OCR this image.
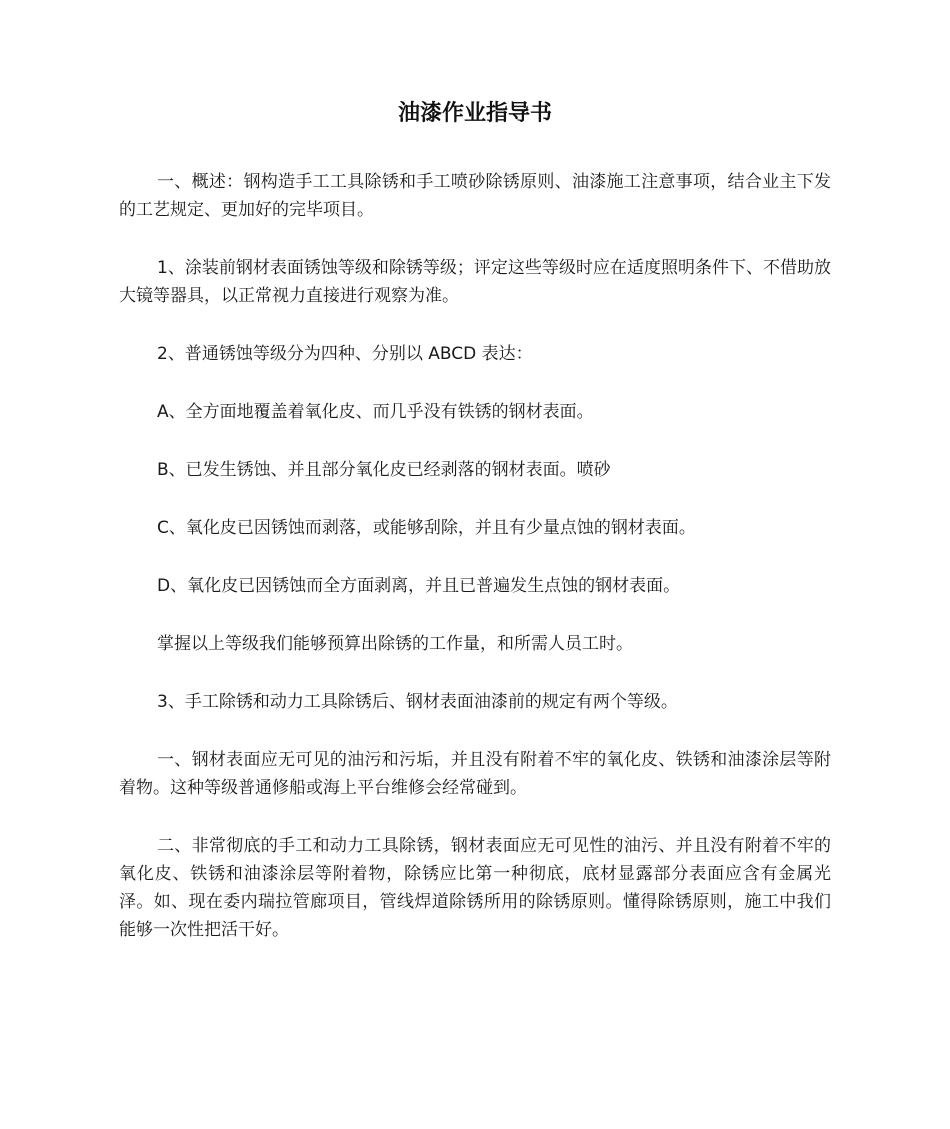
油漆作业指导书

一、概述：钢构造手工工具除锈和手工喷砂除锈原则、油漆施工注意事项，结合业主下发的工艺规定、更加好的完毕项目。

1、涂装前钢材表面锈蚀等级和除锈等级；评定这些等级时应在适度照明条件下、不借助放大镜等器具，以正常视力直接进行观察为准。

2、普通锈蚀等级分为四种、分别以 ABCD 表达：

A、全方面地覆盖着氧化皮、而几乎没有铁锈的钢材表面。

B、已发生锈蚀、并且部分氧化皮已经剥落的钢材表面。喷砂

C、氧化皮已因锈蚀而剥落，或能够刮除，并且有少量点蚀的钢材表面。

D、氧化皮已因锈蚀而全方面剥离，并且已普遍发生点蚀的钢材表面。

掌握以上等级我们能够预算出除锈的工作量，和所需人员工时。

3、手工除锈和动力工具除锈后、钢材表面油漆前的规定有两个等级。

一、钢材表面应无可见的油污和污垢，并且没有附着不牢的氧化皮、铁锈和油漆涂层等附着物。这种等级普通修船或海上平台维修会经常碰到。

二、非常彻底的手工和动力工具除锈，钢材表面应无可见性的油污、并且没有附着不牢的氧化皮、铁锈和油漆涂层等附着物，除锈应比第一种彻底，底材显露部分表面应含有金属光泽。如、现在委内瑞拉管廊项目，管线焊道除锈所用的除锈原则。懂得除锈原则，施工中我们能够一次性把活干好。
